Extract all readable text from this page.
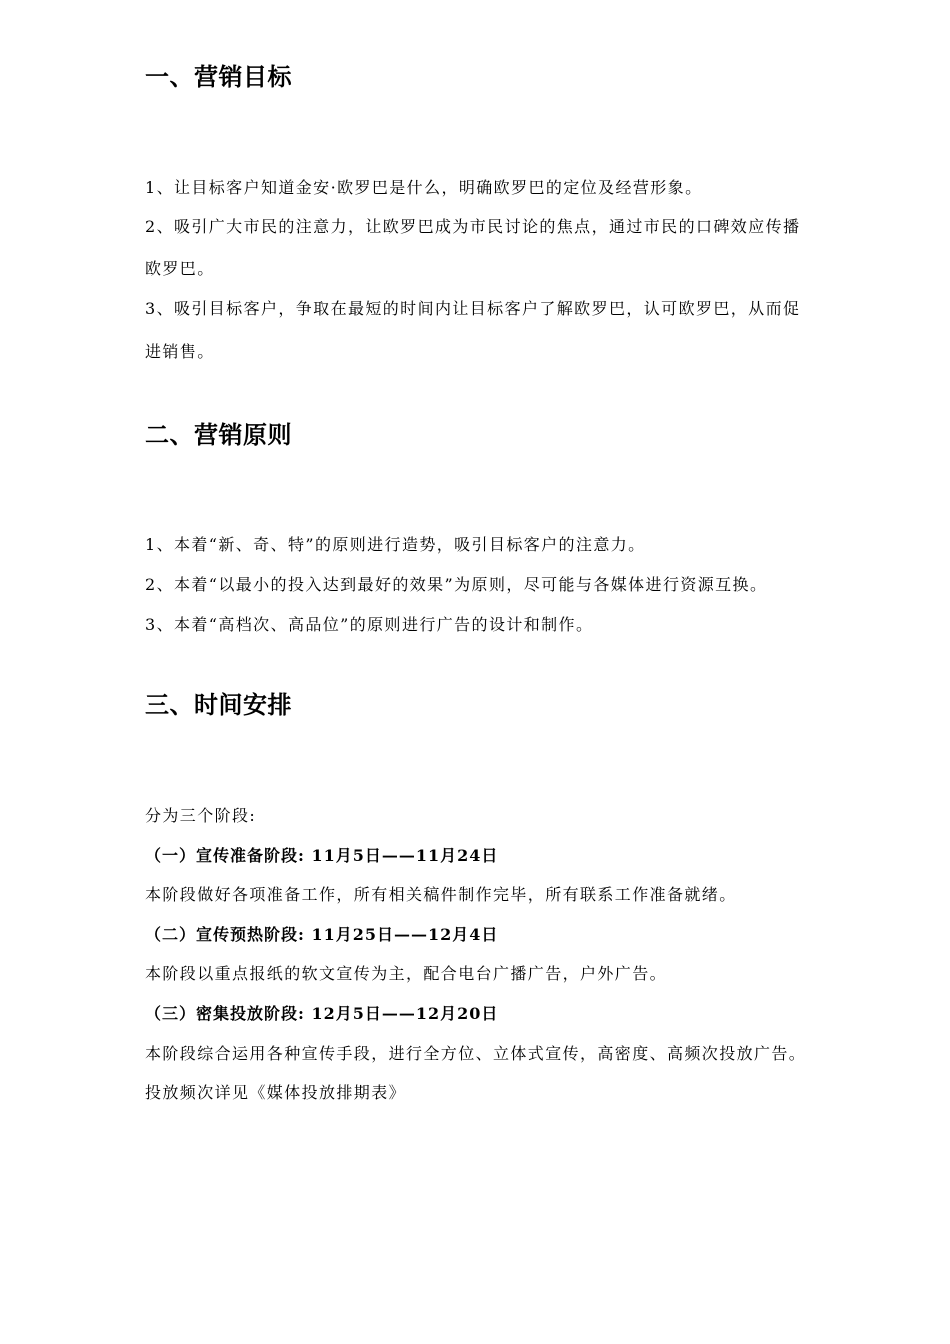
一、营销目标
1、让目标客户知道金安·欧罗巴是什么，明确欧罗巴的定位及经营形象。
2、吸引广大市民的注意力，让欧罗巴成为市民讨论的焦点，通过市民的口碑效应传播
欧罗巴。
3、吸引目标客户，争取在最短的时间内让目标客户了解欧罗巴，认可欧罗巴，从而促
进销售。
二、营销原则
1、本着“新、奇、特”的原则进行造势，吸引目标客户的注意力。
2、本着“以最小的投入达到最好的效果”为原则，尽可能与各媒体进行资源互换。
3、本着“高档次、高品位”的原则进行广告的设计和制作。
三、时间安排
分为三个阶段:
（一）宣传准备阶段: 11月5日——11月24日
本阶段做好各项准备工作，所有相关稿件制作完毕，所有联系工作准备就绪。
（二）宣传预热阶段: 11月25日——12月4日
本阶段以重点报纸的软文宣传为主，配合电台广播广告，户外广告。
（三）密集投放阶段: 12月5日——12月20日
本阶段综合运用各种宣传手段，进行全方位、立体式宣传，高密度、高频次投放广告。
投放频次详见《媒体投放排期表》
